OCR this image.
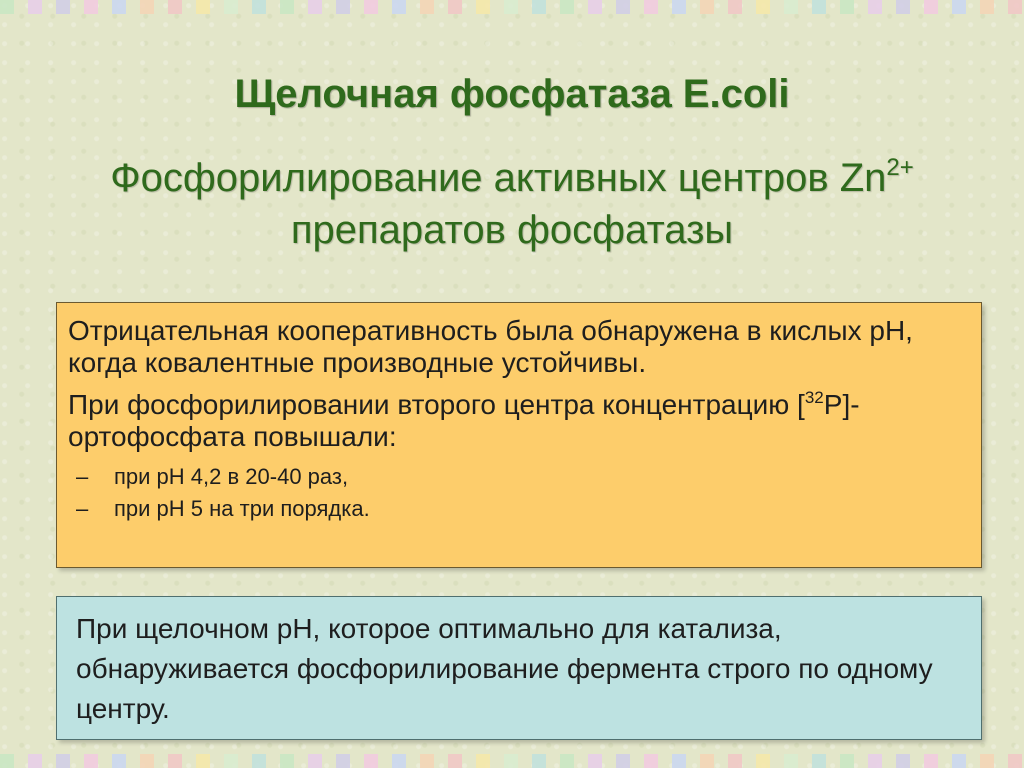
Щелочная фосфатаза E.coli
Фосфорилирование активных центров $Zn^{2+}$
препаратов фосфатазы

Отрицательная кооперативность была обнаружена в кислых pH, когда ковалентные производные устойчивы.

При фосфорилировании второго центра концентрацию [$^{32}$P]-ортофосфата повышали:

– при pH 4,2 в 20-40 раз,
– при pH 5 на три порядка.
При щелочном pH, которое оптимально для катализа, обнаруживается фосфорилирование фермента строго по одному центру.
